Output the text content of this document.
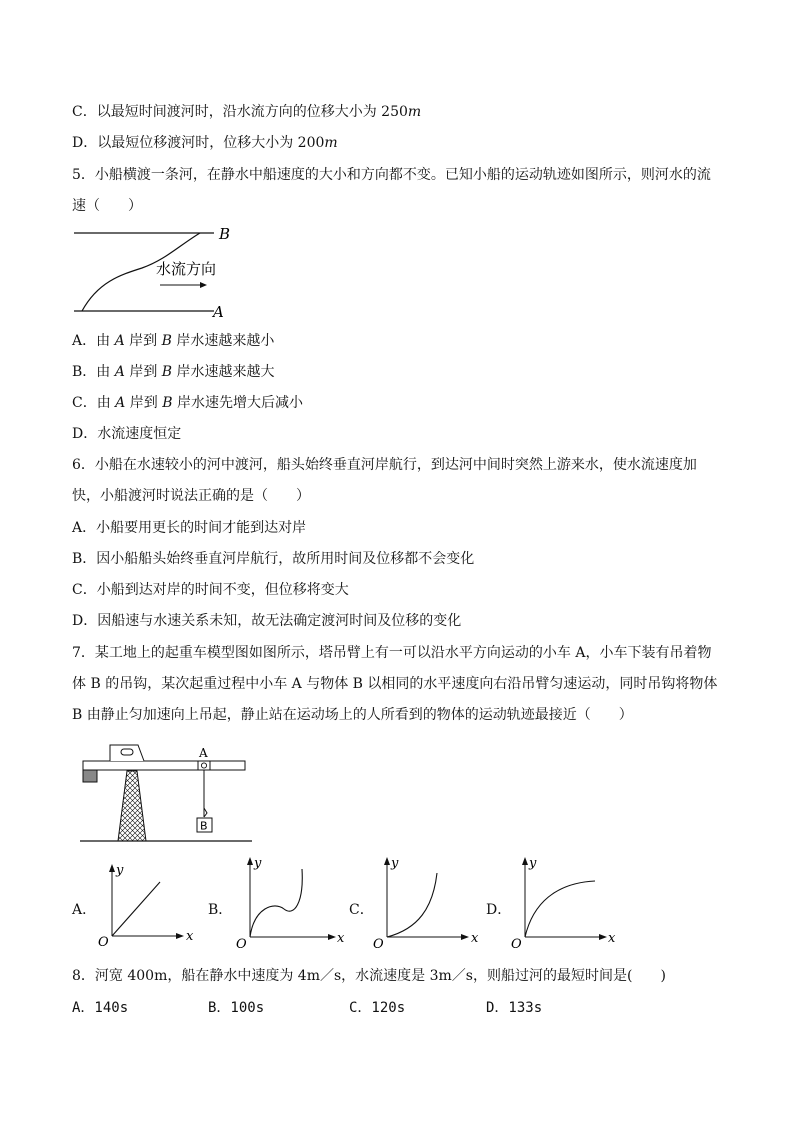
C．以最短时间渡河时，沿水流方向的位移大小为 250m
D．以最短位移渡河时，位移大小为 200m
5．小船横渡一条河，在静水中船速度的大小和方向都不变。已知小船的运动轨迹如图所示，则河水的流
速（　　）
B
A
水流方向
A．由 A 岸到 B 岸水速越来越小
B．由 A 岸到 B 岸水速越来越大
C．由 A 岸到 B 岸水速先增大后减小
D．水流速度恒定
6．小船在水速较小的河中渡河，船头始终垂直河岸航行，到达河中间时突然上游来水，使水流速度加
快，小船渡河时说法正确的是（　　）
A．小船要用更长的时间才能到达对岸
B．因小船船头始终垂直河岸航行，故所用时间及位移都不会变化
C．小船到达对岸的时间不变，但位移将变大
D．因船速与水速关系未知，故无法确定渡河时间及位移的变化
7．某工地上的起重车模型图如图所示，塔吊臂上有一可以沿水平方向运动的小车 A，小车下装有吊着物
体 B 的吊钩，某次起重过程中小车 A 与物体 B 以相同的水平速度向右沿吊臂匀速运动，同时吊钩将物体
B 由静止匀加速向上吊起，静止站在运动场上的人所看到的物体的运动轨迹最接近（　　）
A
B
A．
y
x
O
B．
y
x
O
C．
y
x
O
D．
y
x
O
8．河宽 400m，船在静水中速度为 4m／s，水流速度是 3m／s，则船过河的最短时间是(　　)
A．140s	B．100s	C．120s	D．133s
